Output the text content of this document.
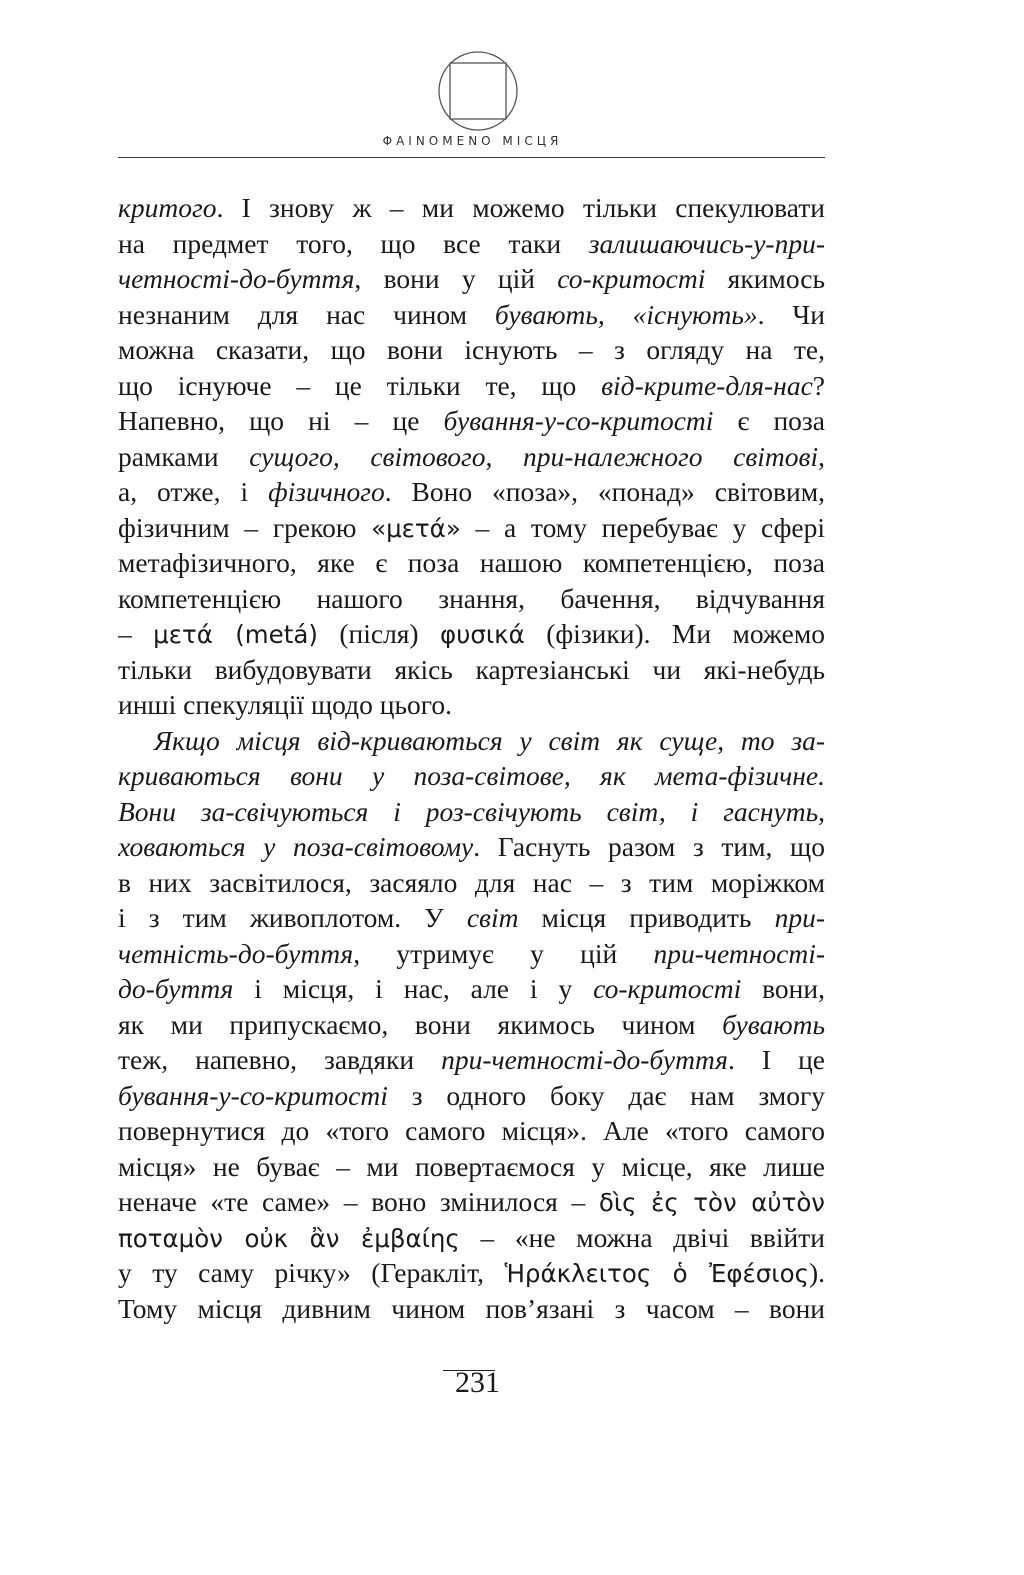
ΦAINOMENO МІСЦЯ
критого. І знову ж – ми можемо тільки спекулювати
на предмет того, що все таки залишаючись-у-при-
четності-до-буття, вони у цій со-критості якимось
незнаним для нас чином бувають, «існують». Чи
можна сказати, що вони існують – з огляду на те,
що існуюче – це тільки те, що від-крите-для-нас?
Напевно, що ні – це бування-у-со-критості є поза
рамками сущого, світового, при-належного світові,
а, отже, і фізичного. Воно «поза», «понад» світовим,
фізичним – грекою «μετά» – а тому перебуває у сфері
метафізичного, яке є поза нашою компетенцією, поза
компетенцією нашого знання, бачення, відчування
– μετά (metá) (після) φυσικά (фізики). Ми можемо
тільки вибудовувати якісь картезіанські чи які-небудь
инші спекуляції щодо цього.
Якщо місця від-криваються у світ як суще, то за-
криваються вони у поза-світове, як мета-фізичне.
Вони за-свічуються і роз-свічують світ, і гаснуть,
ховаються у поза-світовому. Гаснуть разом з тим, що
в них засвітилося, засяяло для нас – з тим моріжком
і з тим живоплотом. У світ місця приводить при-
четність-до-буття, утримує у цій при-четності-
до-буття і місця, і нас, але і у со-критості вони,
як ми припускаємо, вони якимось чином бувають
теж, напевно, завдяки при-четності-до-буття. І це
бування-у-со-критості з одного боку дає нам змогу
повернутися до «того самого місця». Але «того самого
місця» не буває – ми повертаємося у місце, яке лише
неначе «те саме» – воно змінилося – δὶς ἐς τὸν αὐτὸν
ποταμὸν οὐκ ἂν ἐμβαίης – «не можна двічі ввійти
у ту саму річку» (Геракліт, Ἡράκλειτος ὁ Ἐφέσιος).
Тому місця дивним чином пов’язані з часом – вони
231
